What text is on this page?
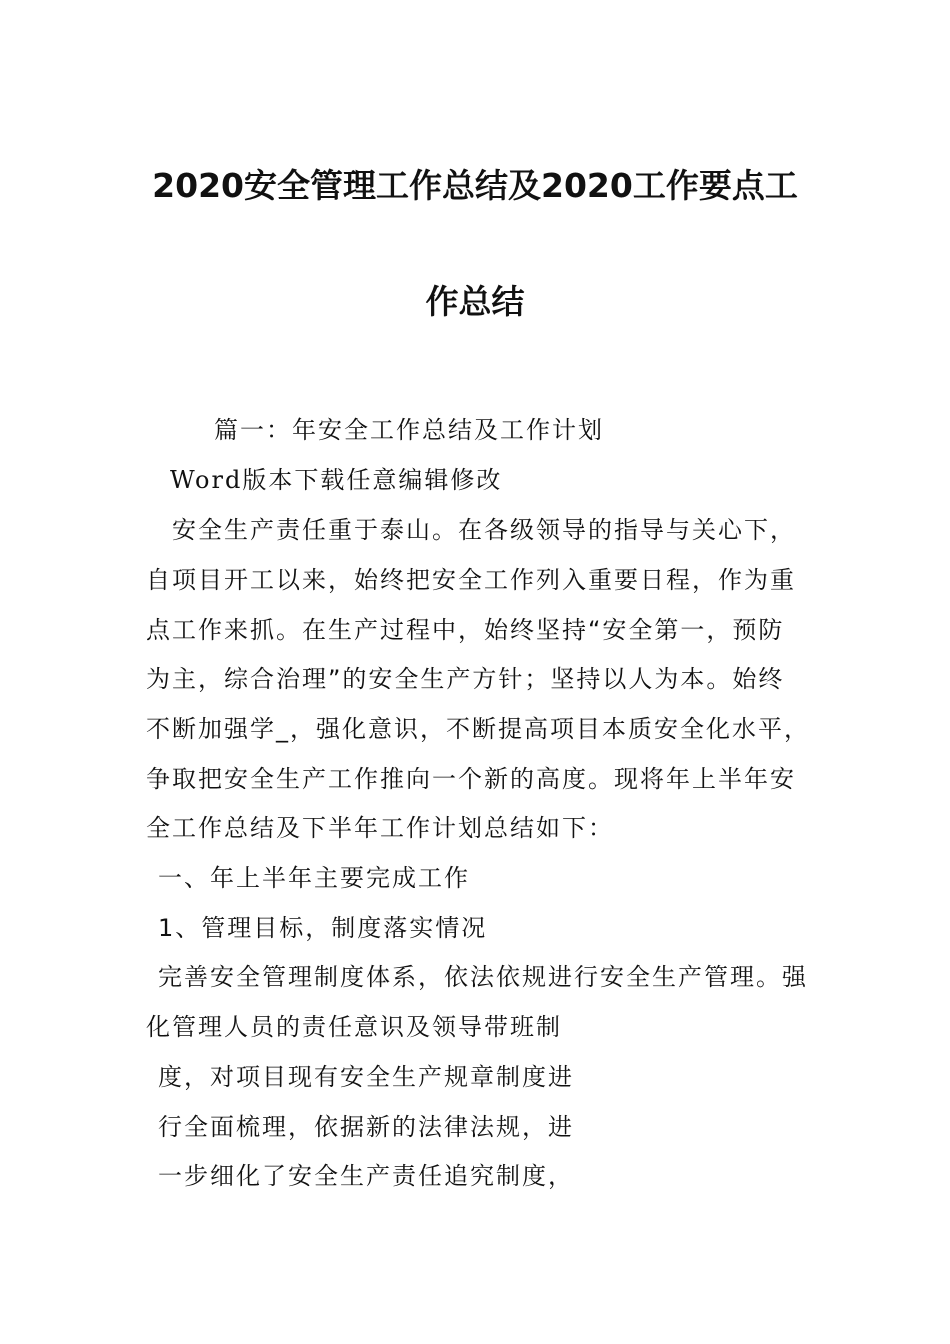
2020安全管理工作总结及2020工作要点工
作总结
篇一：年安全工作总结及工作计划
Word版本下载任意编辑修改
安全生产责任重于泰山。在各级领导的指导与关心下，
自项目开工以来，始终把安全工作列入重要日程，作为重
点工作来抓。在生产过程中，始终坚持“安全第一，预防
为主，综合治理”的安全生产方针；坚持以人为本。始终
不断加强学_，强化意识，不断提高项目本质安全化水平，
争取把安全生产工作推向一个新的高度。现将年上半年安
全工作总结及下半年工作计划总结如下：
一、年上半年主要完成工作
1、管理目标，制度落实情况
完善安全管理制度体系，依法依规进行安全生产管理。强
化管理人员的责任意识及领导带班制
度，对项目现有安全生产规章制度进
行全面梳理，依据新的法律法规，进
一步细化了安全生产责任追究制度，
